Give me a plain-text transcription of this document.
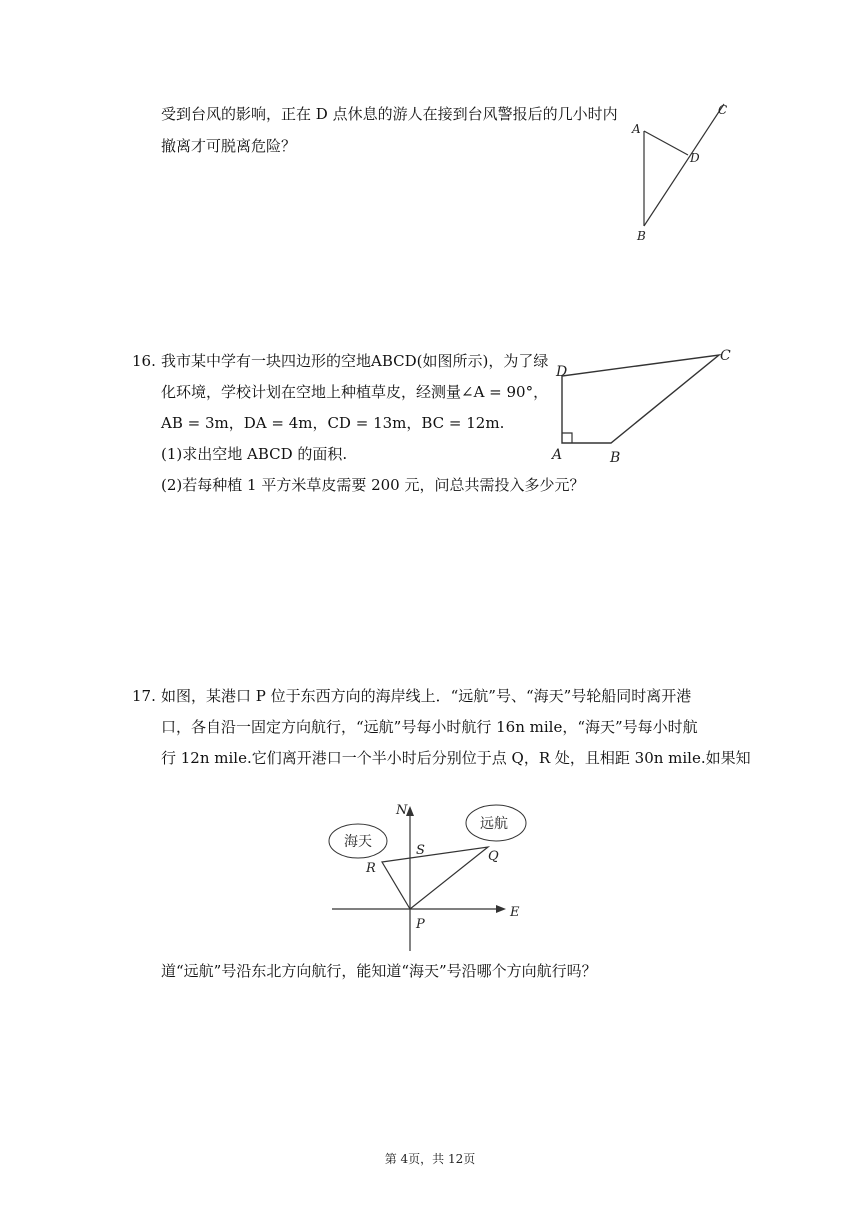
受到台风的影响，正在 D 点休息的游人在接到台风警报后的几小时内
撤离才可脱离危险？
A
B
C
D
16. 我市某中学有一块四边形的空地ABCD(如图所示)，为了绿
化环境，学校计划在空地上种植草皮，经测量∠A = 90°，
AB = 3m，DA = 4m，CD = 13m，BC = 12m.
(1)求出空地 ABCD 的面积.
(2)若每种植 1 平方米草皮需要 200 元，问总共需投入多少元？
D
A	B
C
17. 如图，某港口 P 位于东西方向的海岸线上．“远航”号、“海天”号轮船同时离开港
口，各自沿一固定方向航行，“远航”号每小时航行 16n mile，“海天”号每小时航
行 12n mile.它们离开港口一个半小时后分别位于点 Q，R 处，且相距 30n mile.如果知
海天
远航
N
E
S
R
Q
P
道“远航”号沿东北方向航行，能知道“海天”号沿哪个方向航行吗？
第 4页，共 12页
